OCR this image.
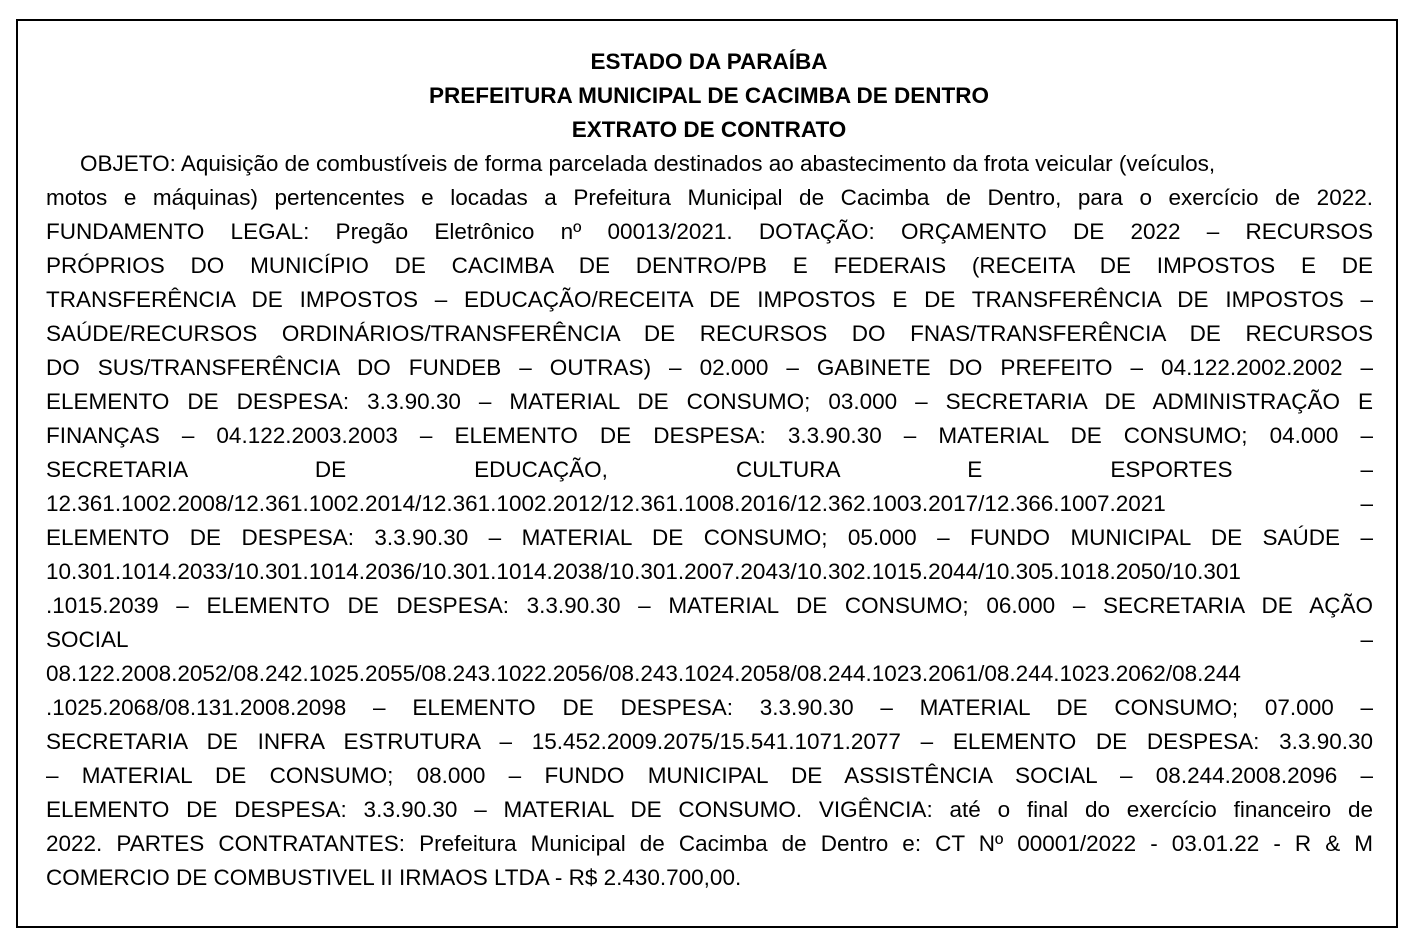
ESTADO DA PARAÍBA
PREFEITURA MUNICIPAL DE CACIMBA DE DENTRO
EXTRATO DE CONTRATO
OBJETO: Aquisição de combustíveis de forma parcelada destinados ao abastecimento da frota veicular (veículos,
motos e máquinas) pertencentes e locadas a Prefeitura Municipal de Cacimba de Dentro, para o exercício de 2022.
FUNDAMENTO LEGAL: Pregão Eletrônico nº 00013/2021. DOTAÇÃO: ORÇAMENTO DE 2022 – RECURSOS
PRÓPRIOS DO MUNICÍPIO DE CACIMBA DE DENTRO/PB E FEDERAIS (RECEITA DE IMPOSTOS E DE
TRANSFERÊNCIA DE IMPOSTOS – EDUCAÇÃO/RECEITA DE IMPOSTOS E DE TRANSFERÊNCIA DE IMPOSTOS –
SAÚDE/RECURSOS ORDINÁRIOS/TRANSFERÊNCIA DE RECURSOS DO FNAS/TRANSFERÊNCIA DE RECURSOS
DO SUS/TRANSFERÊNCIA DO FUNDEB – OUTRAS) – 02.000 – GABINETE DO PREFEITO – 04.122.2002.2002 –
ELEMENTO DE DESPESA: 3.3.90.30 – MATERIAL DE CONSUMO; 03.000 – SECRETARIA DE ADMINISTRAÇÃO E
FINANÇAS – 04.122.2003.2003 – ELEMENTO DE DESPESA: 3.3.90.30 – MATERIAL DE CONSUMO; 04.000 –
SECRETARIA DE EDUCAÇÃO, CULTURA E ESPORTES –
12.361.1002.2008/12.361.1002.2014/12.361.1002.2012/12.361.1008.2016/12.362.1003.2017/12.366.1007.2021 –
ELEMENTO DE DESPESA: 3.3.90.30 – MATERIAL DE CONSUMO; 05.000 – FUNDO MUNICIPAL DE SAÚDE –
10.301.1014.2033/10.301.1014.2036/10.301.1014.2038/10.301.2007.2043/10.302.1015.2044/10.305.1018.2050/10.301
.1015.2039 – ELEMENTO DE DESPESA: 3.3.90.30 – MATERIAL DE CONSUMO; 06.000 – SECRETARIA DE AÇÃO
SOCIAL –
08.122.2008.2052/08.242.1025.2055/08.243.1022.2056/08.243.1024.2058/08.244.1023.2061/08.244.1023.2062/08.244
.1025.2068/08.131.2008.2098 – ELEMENTO DE DESPESA: 3.3.90.30 – MATERIAL DE CONSUMO; 07.000 –
SECRETARIA DE INFRA ESTRUTURA – 15.452.2009.2075/15.541.1071.2077 – ELEMENTO DE DESPESA: 3.3.90.30
– MATERIAL DE CONSUMO; 08.000 – FUNDO MUNICIPAL DE ASSISTÊNCIA SOCIAL – 08.244.2008.2096 –
ELEMENTO DE DESPESA: 3.3.90.30 – MATERIAL DE CONSUMO. VIGÊNCIA: até o final do exercício financeiro de
2022. PARTES CONTRATANTES: Prefeitura Municipal de Cacimba de Dentro e: CT Nº 00001/2022 - 03.01.22 - R & M
COMERCIO DE COMBUSTIVEL II IRMAOS LTDA - R$ 2.430.700,00.
